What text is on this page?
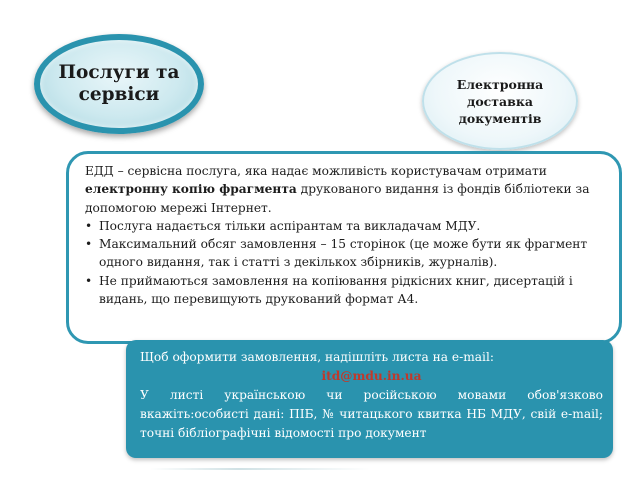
Послуги та
сервіси	Електронна
доставка
документів

ЕДД – сервісна послуга, яка надає можливість користувачам отримати електронну копію фрагмента друкованого видання із фондів бібліотеки за допомогою мережі Інтернет.

• Послуга надається тільки аспірантам та викладачам МДУ.
• Максимальний обсяг замовлення – 15 сторінок (це може бути як фрагмент одного видання, так і статті з декількох збірників, журналів).
• Не приймаються замовлення на копіювання рідкісних книг, дисертацій і видань, що перевищують друкований формат А4.
Щоб оформити замовлення, надішліть листа на e-mail:
itd@mdu.in.ua
У листі українською чи російською мовами обов'язково вкажіть:особисті дані: ПІБ, № читацького квитка НБ МДУ, свій e-mail; точні бібліографічні відомості про документ
